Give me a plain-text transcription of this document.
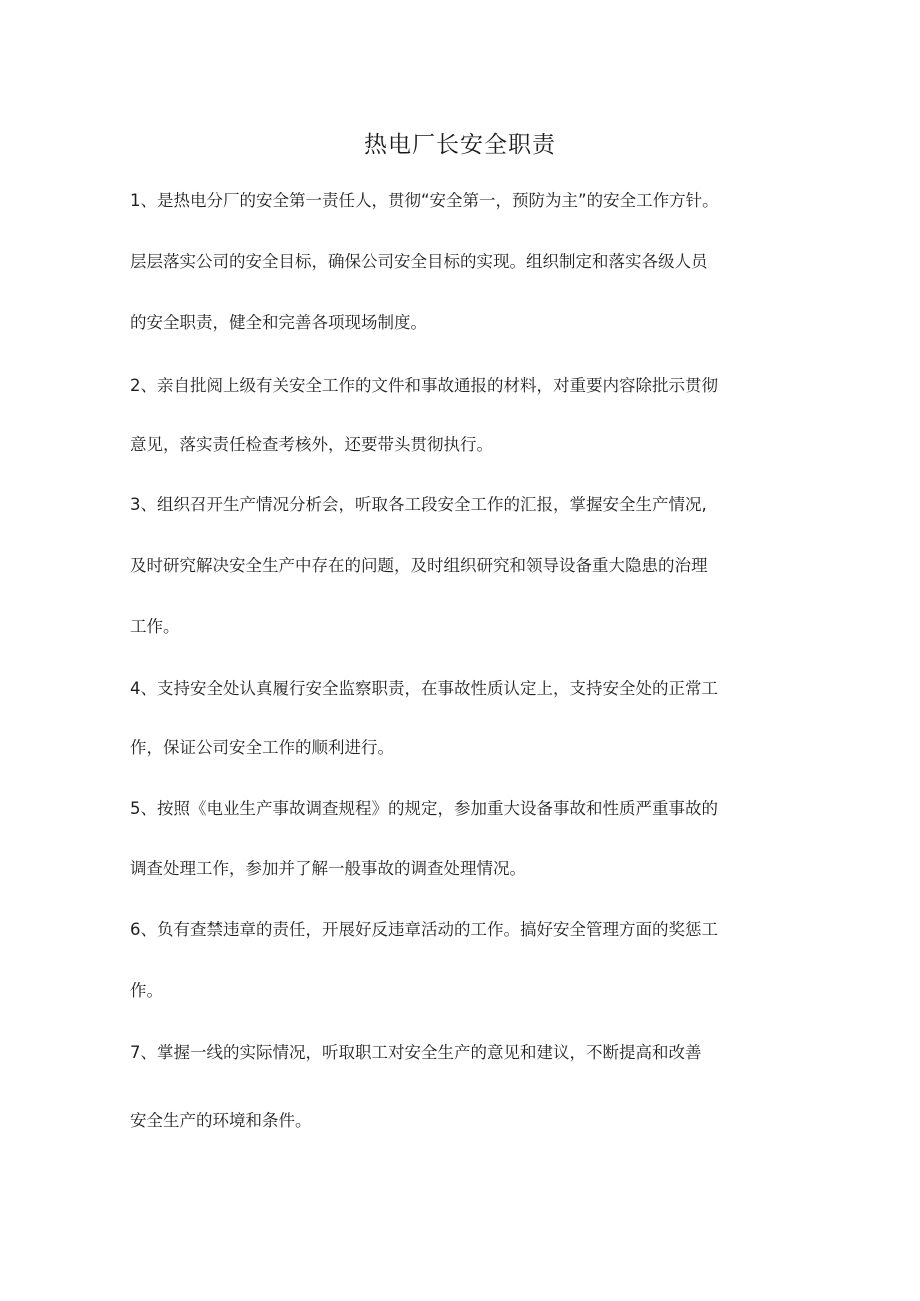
热电厂长安全职责

1、是热电分厂的安全第一责任人，贯彻“安全第一，预防为主”的安全工作方针。

层层落实公司的安全目标，确保公司安全目标的实现。组织制定和落实各级人员

的安全职责，健全和完善各项现场制度。

2、亲自批阅上级有关安全工作的文件和事故通报的材料，对重要内容除批示贯彻

意见，落实责任检查考核外，还要带头贯彻执行。

3、组织召开生产情况分析会，听取各工段安全工作的汇报，掌握安全生产情况,

及时研究解决安全生产中存在的问题，及时组织研究和领导设备重大隐患的治理

工作。

4、支持安全处认真履行安全监察职责，在事故性质认定上，支持安全处的正常工

作，保证公司安全工作的顺利进行。

5、按照《电业生产事故调查规程》的规定，参加重大设备事故和性质严重事故的

调查处理工作，参加并了解一般事故的调查处理情况。

6、负有查禁违章的责任，开展好反违章活动的工作。搞好安全管理方面的奖惩工

作。

7、掌握一线的实际情况，听取职工对安全生产的意见和建议，不断提高和改善

安全生产的环境和条件。
